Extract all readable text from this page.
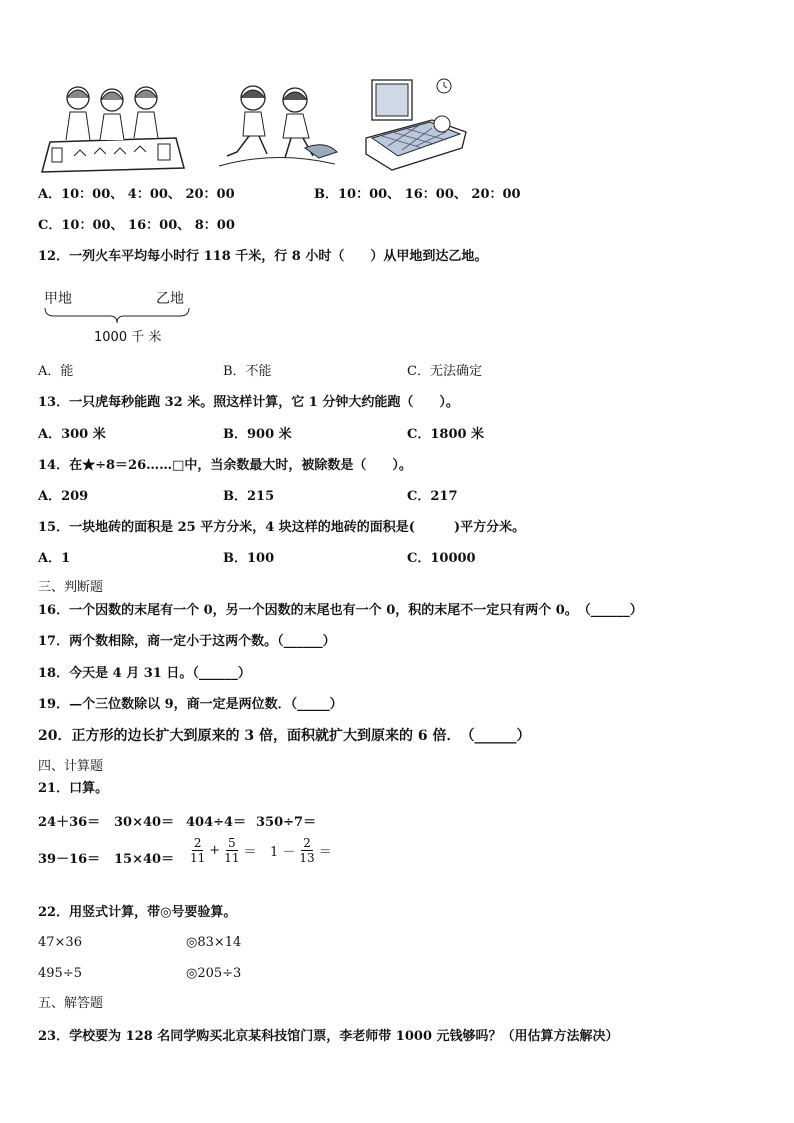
A．10：00、 4：00、 20：00	B．10：00、 16：00、 20：00
C．10：00、 16：00、 8：00
12．一列火车平均每小时行 118 千米，行 8 小时（　　）从甲地到达乙地。
甲地	乙地
1000 千 米
A．能	B．不能	C．无法确定
13．一只虎每秒能跑 32 米。照这样计算，它 1 分钟大约能跑（　　）。
A．300 米	B．900 米	C．1800 米
14．在★÷8＝26……□中，当余数最大时，被除数是（　　）。
A．209	B．215	C．217
15．一块地砖的面积是 25 平方分米，4 块这样的地砖的面积是(　　　)平方分米。
A．1	B．100	C．10000
三、判断题
16．一个因数的末尾有一个 0，另一个因数的末尾也有一个 0，积的末尾不一定只有两个 0。　（______）
17．两个数相除，商一定小于这两个数。（______）
18．今天是 4 月 31 日。（______）
19．—个三位数除以 9，商一定是两位数．（_____）
20．正方形的边长扩大到原来的 3 倍，面积就扩大到原来的 6 倍．　（______）
四、计算题
21．口算。
24＋36＝ 30×40＝ 404÷4＝ 350÷7＝
$39-16= 15\times 40= \frac{2}{11} + \frac{5}{11} = 1 - \frac{2}{13}$ ＝
22．用竖式计算，带◎号要验算。
47×36	◎83×14
495÷5	◎205÷3
五、解答题
23．学校要为 128 名同学购买北京某科技馆门票，李老师带 1000 元钱够吗？（用估算方法解决）
